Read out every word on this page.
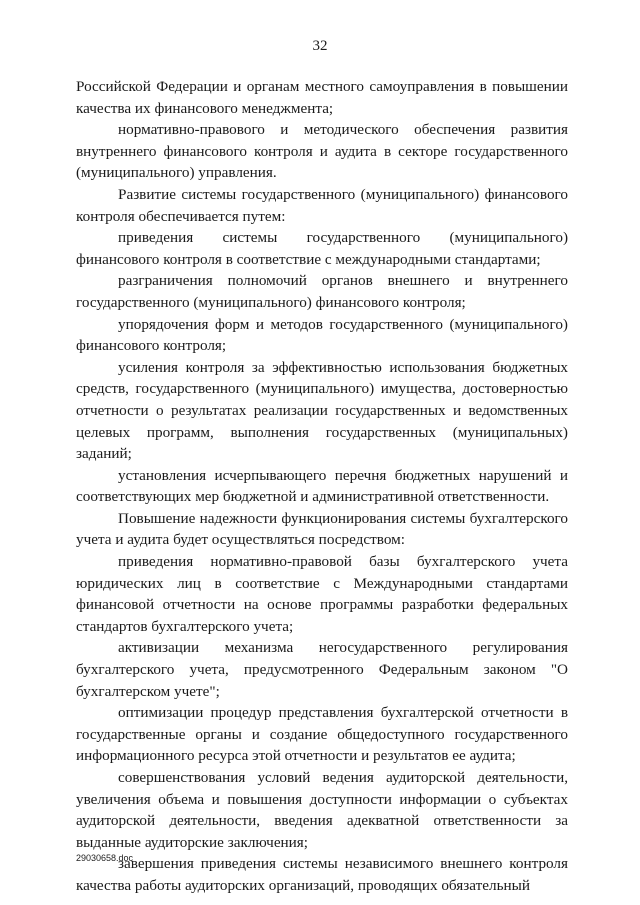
32

Российской Федерации и органам местного самоуправления в повышении качества их финансового менеджмента;

нормативно-правового и методического обеспечения развития внутреннего финансового контроля и аудита в секторе государственного (муниципального) управления.

Развитие системы государственного (муниципального) финансового контроля обеспечивается путем:

приведения системы государственного (муниципального) финансового контроля в соответствие с международными стандартами;

разграничения полномочий органов внешнего и внутреннего государственного (муниципального) финансового контроля;

упорядочения форм и методов государственного (муниципального) финансового контроля;

усиления контроля за эффективностью использования бюджетных средств, государственного (муниципального) имущества, достоверностью отчетности о результатах реализации государственных и ведомственных целевых программ, выполнения государственных (муниципальных) заданий;

установления исчерпывающего перечня бюджетных нарушений и соответствующих мер бюджетной и административной ответственности.

Повышение надежности функционирования системы бухгалтерского учета и аудита будет осуществляться посредством:

приведения нормативно-правовой базы бухгалтерского учета юридических лиц в соответствие с Международными стандартами финансовой отчетности на основе программы разработки федеральных стандартов бухгалтерского учета;

активизации механизма негосударственного регулирования бухгалтерского учета, предусмотренного Федеральным законом "О бухгалтерском учете";

оптимизации процедур представления бухгалтерской отчетности в государственные органы и создание общедоступного государственного информационного ресурса этой отчетности и результатов ее аудита;

совершенствования условий ведения аудиторской деятельности, увеличения объема и повышения доступности информации о субъектах аудиторской деятельности, введения адекватной ответственности за выданные аудиторские заключения;

завершения приведения системы независимого внешнего контроля качества работы аудиторских организаций, проводящих обязательный

29030658.doc
